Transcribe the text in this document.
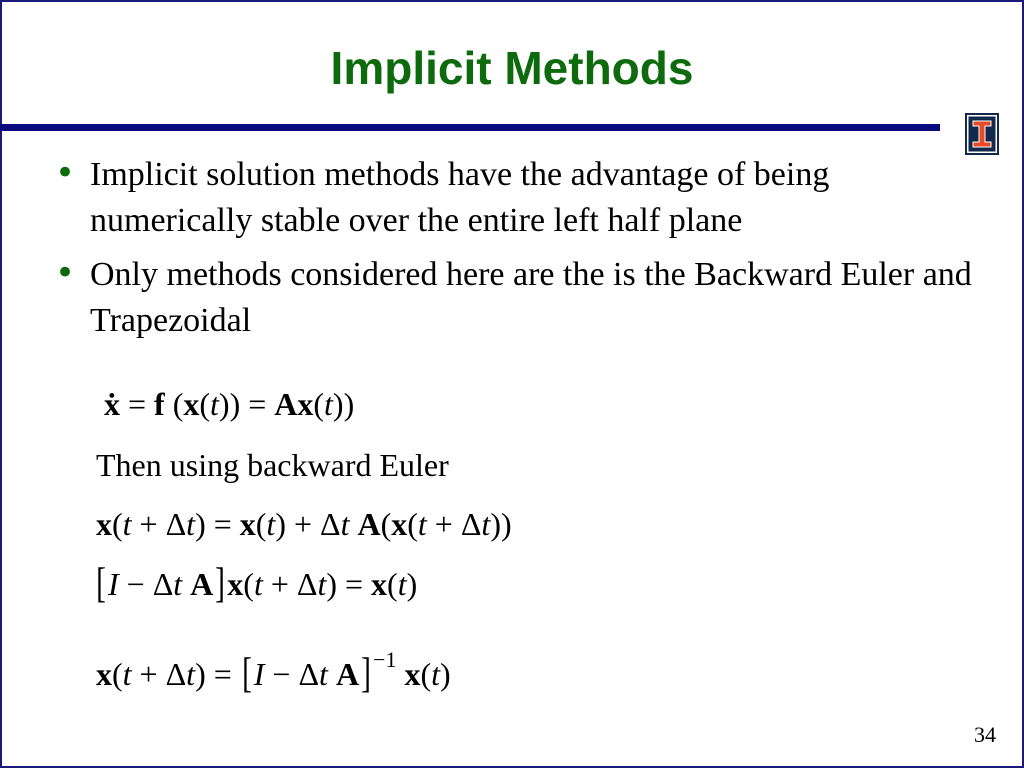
Implicit Methods
• Implicit solution methods have the advantage of being numerically stable over the entire left half plane
• Only methods considered here are the is the Backward Euler and Trapezoidal
ẋ = f (x(t)) = Ax(t))
Then using backward Euler
x(t + Δt) = x(t) + Δt A(x(t + Δt))
[I − Δt A]x(t + Δt) = x(t)
x(t + Δt) = [I − Δt A]$^{-1}$ x(t)
34
